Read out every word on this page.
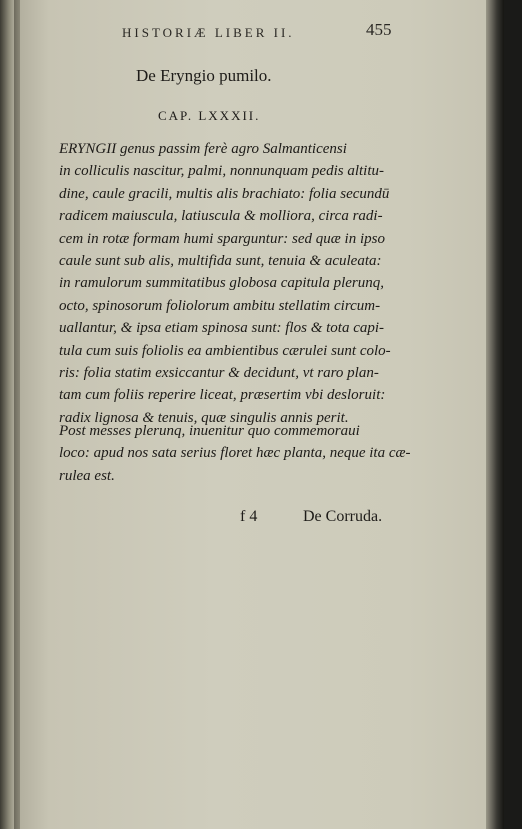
HISTORIÆ LIBER II.	455
De Eryngio pumilo.
CAP. LXXXII.
ERYNGII genus passim ferè agro Salmanticensi
in colliculis nascitur, palmi, nonnunquam pedis altitu-
dine, caule gracili, multis alis brachiato: folia secundū
radicem maiuscula, latiuscula & molliora, circa radi-
cem in rotæ formam humi sparguntur: sed quæ in ipso
caule sunt sub alis, multifida sunt, tenuia & aculeata:
in ramulorum summitatibus globosa capitula plerunq,
octo, spinosorum foliolorum ambitu stellatim circum-
uallantur, & ipsa etiam spinosa sunt: flos & tota capi-
tula cum suis foliolis ea ambientibus cærulei sunt colo-
ris: folia statim exsiccantur & decidunt, vt raro plan-
tam cum foliis reperire liceat, præsertim vbi desloruit:
radix lignosa & tenuis, quæ singulis annis perit.
Post messes plerunq, inuenitur quo commemoraui
loco: apud nos sata serius floret hæc planta, neque ita cæ-
rulea est.
f 4	De Corruda.
